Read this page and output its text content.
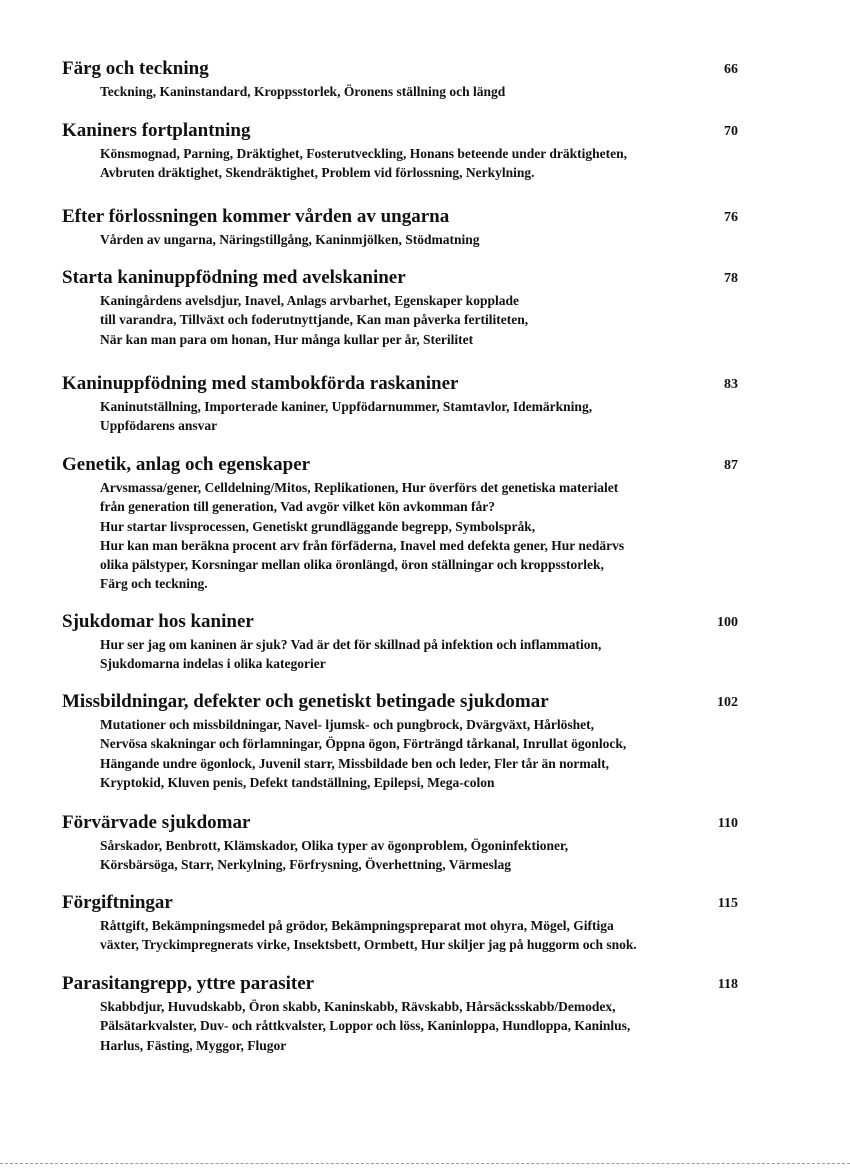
Färg och teckning	66
Teckning, Kaninstandard, Kroppsstorlek, Öronens ställning och längd
Kaniners fortplantning	70
Könsmognad, Parning, Dräktighet, Fosterutveckling, Honans beteende under dräktigheten,
Avbruten dräktighet, Skendräktighet, Problem vid förlossning, Nerkylning.
Efter förlossningen kommer vården av ungarna	76
Vården av ungarna, Näringstillgång, Kaninmjölken, Stödmatning
Starta kaninuppfödning med avelskaniner	78
Kaningårdens avelsdjur, Inavel, Anlags arvbarhet, Egenskaper kopplade
till varandra, Tillväxt och foderutnyttjande, Kan man påverka fertiliteten,
När kan man para om honan, Hur många kullar per år, Sterilitet
Kaninuppfödning med stambokförda raskaniner	83
Kaninutställning, Importerade kaniner, Uppfödarnummer, Stamtavlor, Idemärkning,
Uppfödarens ansvar
Genetik, anlag och egenskaper	87
Arvsmassa/gener, Celldelning/Mitos, Replikationen, Hur överförs det genetiska materialet
från generation till generation, Vad avgör vilket kön avkomman får?
Hur startar livsprocessen, Genetiskt grundläggande begrepp, Symbolspråk,
Hur kan man beräkna procent arv från förfäderna, Inavel med defekta gener, Hur nedärvs
olika pälstyper, Korsningar mellan olika öronlängd, öron ställningar och kroppsstorlek,
Färg och teckning.
Sjukdomar hos kaniner	100
Hur ser jag om kaninen är sjuk? Vad är det för skillnad på infektion och inflammation,
Sjukdomarna indelas i olika kategorier
Missbildningar, defekter och genetiskt betingade sjukdomar	102
Mutationer och missbildningar, Navel- ljumsk- och pungbrock, Dvärgväxt, Hårlöshet,
Nervösa skakningar och förlamningar, Öppna ögon, Förträngd tårkanal, Inrullat ögonlock,
Hängande undre ögonlock, Juvenil starr, Missbildade ben och leder, Fler tår än normalt,
Kryptokid, Kluven penis, Defekt tandställning, Epilepsi, Mega-colon
Förvärvade sjukdomar	110
Sårskador, Benbrott, Klämskador, Olika typer av ögonproblem, Ögoninfektioner,
Körsbärsöga, Starr, Nerkylning, Förfrysning, Överhettning, Värmeslag
Förgiftningar	115
Råttgift, Bekämpningsmedel på grödor, Bekämpningspreparat mot ohyra, Mögel, Giftiga
växter, Tryckimpregnerats virke, Insektsbett, Ormbett, Hur skiljer jag på huggorm och snok.
Parasitangrepp, yttre parasiter	118
Skabbdjur, Huvudskabb, Öron skabb, Kaninskabb, Rävskabb, Hårsäcksskabb/Demodex,
Pälsätarkvalster, Duv- och råttkvalster, Loppor och löss, Kaninloppa, Hundloppa, Kaninlus,
Harlus, Fästing, Myggor, Flugor
